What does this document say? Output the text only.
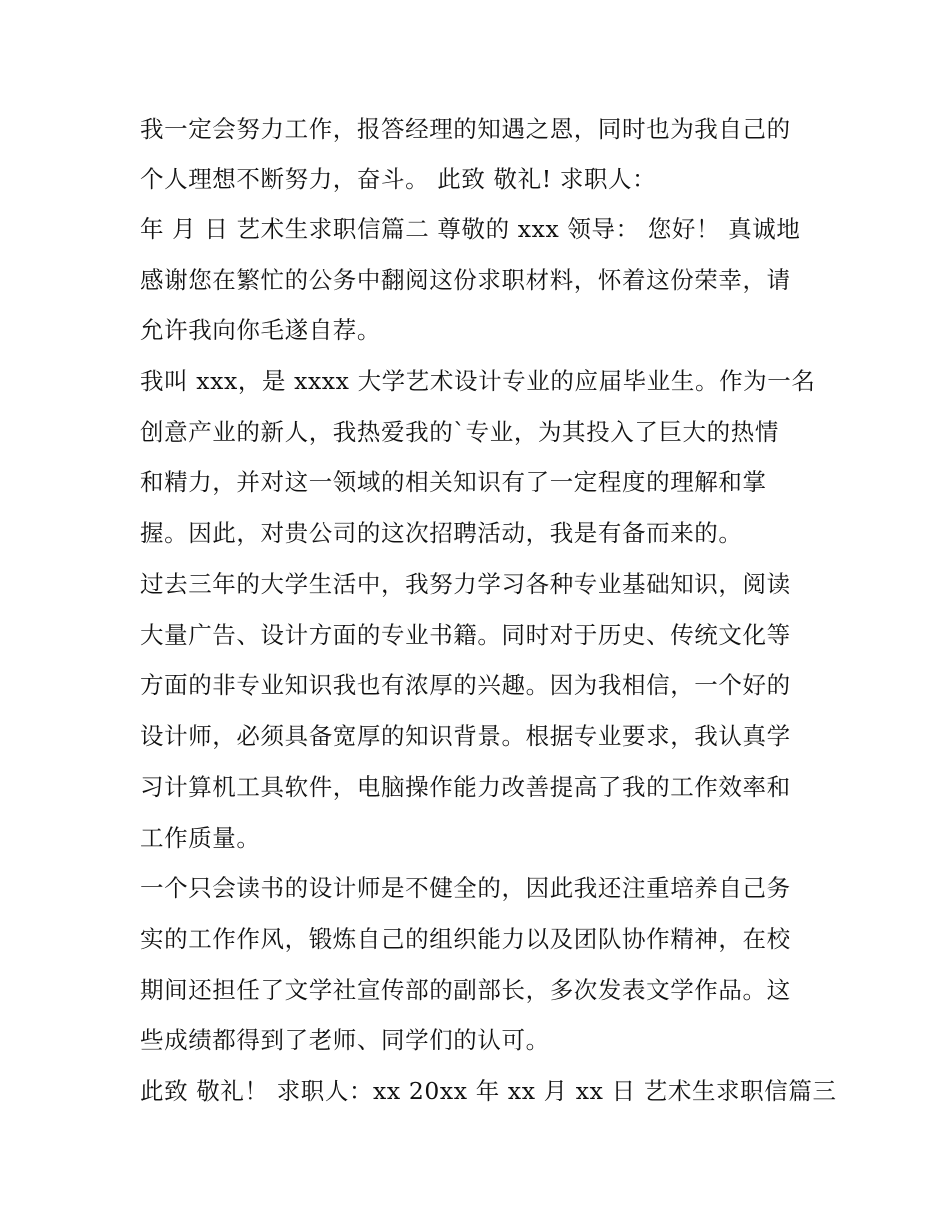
我一定会努力工作，报答经理的知遇之恩，同时也为我自己的
个人理想不断努力，奋斗。 此致 敬礼! 求职人：
年 月 日 艺术生求职信篇二 尊敬的 xxx 领导： 您好！ 真诚地
感谢您在繁忙的公务中翻阅这份求职材料，怀着这份荣幸，请
允许我向你毛遂自荐。
我叫 xxx，是 xxxx 大学艺术设计专业的应届毕业生。作为一名
创意产业的新人，我热爱我的`专业，为其投入了巨大的热情
和精力，并对这一领域的相关知识有了一定程度的理解和掌
握。因此，对贵公司的这次招聘活动，我是有备而来的。
过去三年的大学生活中，我努力学习各种专业基础知识，阅读
大量广告、设计方面的专业书籍。同时对于历史、传统文化等
方面的非专业知识我也有浓厚的兴趣。因为我相信，一个好的
设计师，必须具备宽厚的知识背景。根据专业要求，我认真学
习计算机工具软件，电脑操作能力改善提高了我的工作效率和
工作质量。
一个只会读书的设计师是不健全的，因此我还注重培养自己务
实的工作作风，锻炼自己的组织能力以及团队协作精神，在校
期间还担任了文学社宣传部的副部长，多次发表文学作品。这
些成绩都得到了老师、同学们的认可。
此致 敬礼！ 求职人：xx 20xx 年 xx 月 xx 日 艺术生求职信篇三
